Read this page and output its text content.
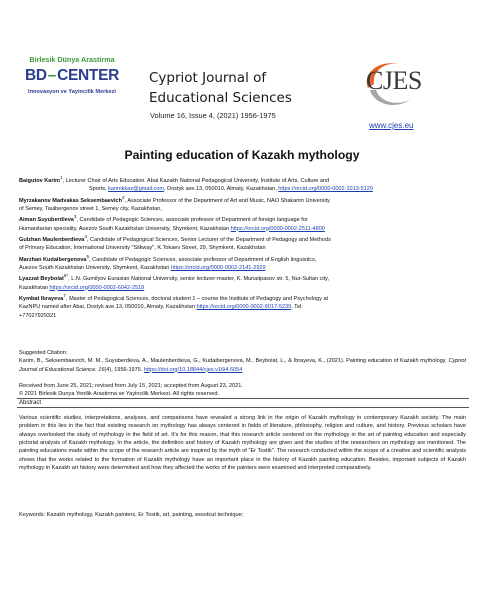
Birlesik Dünya Arastirma
BD – CENTER
Innovasyon ve Yayincilik Merkezi
Cypriot Journal of Educational Sciences
Volume 16, Issue 4, (2021) 1956-1975
CJES
www.cjes.eu
Painting education of Kazakh mythology

Baigutov Karim$^1$, Lecturer Chair of Arts Education. Abai Kazakh National Pedagogical University, Institute of Arts, Culture and
Sports, karimkkaz@gmail.com, Dostyk ave.13, 050010, Almaty, Kazakhstan, https://orcid.org/0000-0002-1013-5129

Myrzakanov Madvakas Seksembaevich$^2$, Associate Professor of the Department of Art and Music, NAO Shakarim University
of Semey, Tauibergenov street 1, Semey city, Kazakhstan,

Aiman Suyuberdieva$^3$, Candidate of Pedagogic Sciences, associate professor of Department of foreign language for
Humanitarian speciality, Auezov South Kazakhstan University, Shymkent, Kazakhstan https://orcid.org/0000-0002-2511-4800

Gulzhan Maulenberdieva$^4$, Candidate of Pedagogical Sciences, Senior Lecturer of the Department of Pedagogy and Methods
of Primary Education, International University "Silkway", K.Tokaev Street, 29, Shymkent, Kazakhstan

Marzhan Kudaibergenova$^5$, Candidate of Pedagogic Sciences, associate professor of Department of English linguistics,
Auezov South Kazakhstan University, Shymkent, Kazakhstan https://orcid.org/0000-0002-2141-2929

Lyazzat Beybolat$^{6*}$, L.N. Gumilyov Eurasian National University, senior lecturer-master, K. Munaitpasov str. 5, Nur-Sultan city,
Kazakhstan https://orcid.org/0000-0002-6042-2518

Kymbat Ibrayeva$^7$, Master of Pedagogical Sciences, doctoral student 1 – course the Institute of Pedagogy and Psychology at
KazNPU named after Abai, Dostyk ave.13, 050010, Almaty, Kazakhstan https://orcid.org/0000-0002-9017-5239. Tel:
+77027929321

Suggested Citation:
Karim, B., Seksembaevich, M. M., Suyuberdieva, A., Maulenberdieva, G., Kudaibergenova, M., Beybolat, L., & Ibrayeva, K., (2021). Painting education of Kazakh mythology. Cypriot Journal of Educational Science. 16(4), 1956-1975. https://doi.org/10.18844/cjes.v16i4.6054
Received from June 25, 2021; revised from July 15, 2021; accepted from August 23, 2021.
© 2021 Birlesik Dunya Yenilik Arastirma ve Yayincilik Merkezi. All rights reserved.
Abstract
Various scientific studies, interpretations, analyses, and comparisons have revealed a strong link in the origin of Kazakh mythology in contemporary Kazakh society. The main problem in this lies in the fact that existing research on mythology has always centered in fields of literature, philosophy, religion and culture, and history. Previous scholars have always overlooked the study of mythology in the field of art. It’s for this reason, that this research article centered on the mythology in the art of painting education and especially pictorial analysis of Kazakh mythology. In the article, the definition and history of Kazakh mythology are given and the studies of the researchers on mythology are mentioned. The painting educations made within the scope of the research article are inspired by the myth of "Er Tostik". The research conducted within the scope of a creative and scientific analysis shows that the works related to the formation of Kazakh mythology have an important place in the history of Kazakh painting education. Besides, important subjects of Kazakh mythology in Kazakh art history were determined and how they affected the works of the painters were examined and interpreted comparatively.
Keywords: Kazakh mythology, Kazakh painters, Er Tostik, art, painting, woodcut technique;
